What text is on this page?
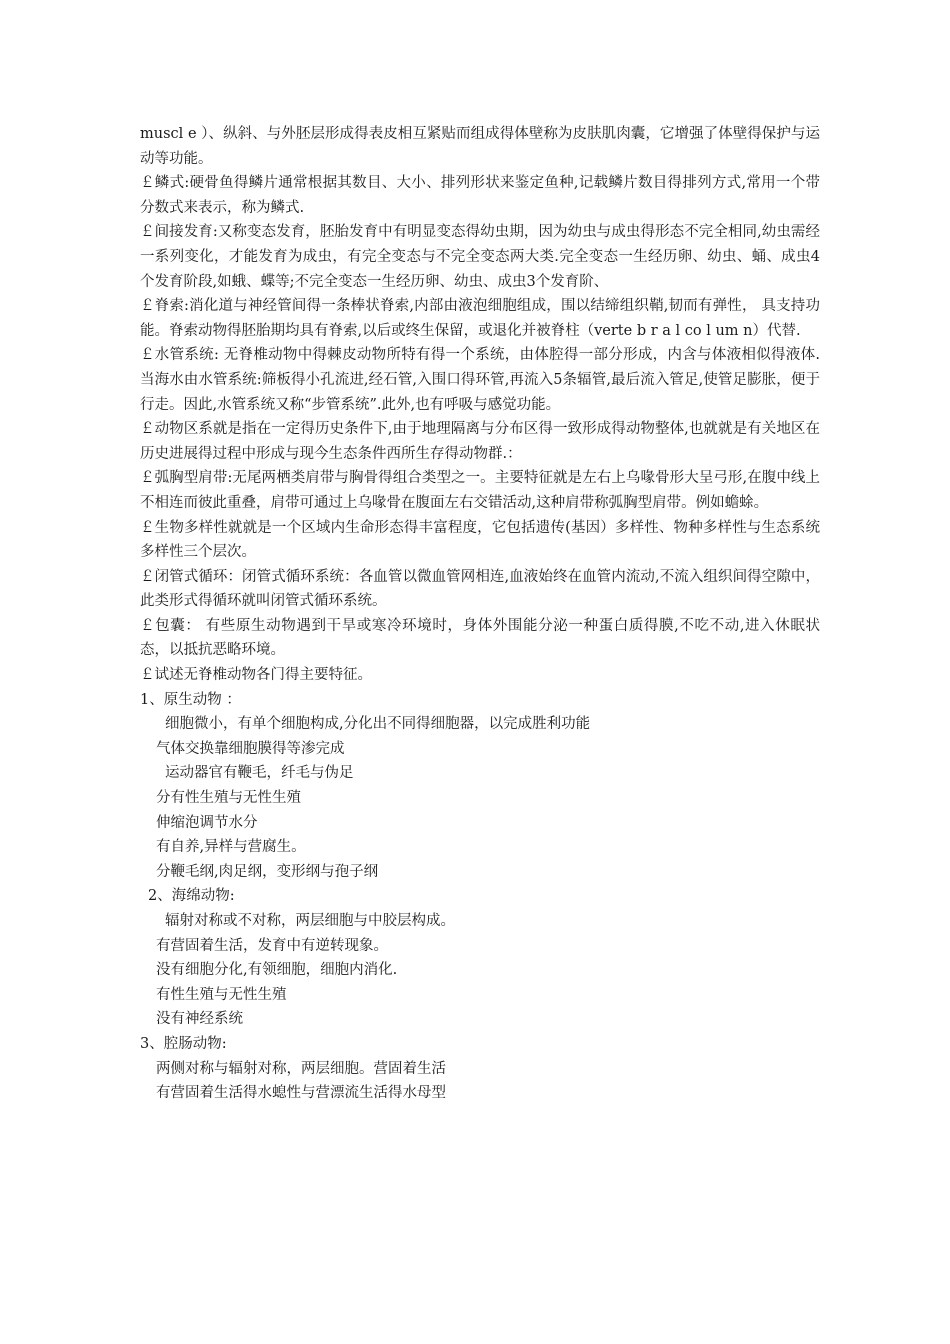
muscl e ）、纵斜、与外胚层形成得表皮相互紧贴而组成得体壁称为皮肤肌肉囊，它增强了体壁得保护与运动等功能。

￡鳞式:硬骨鱼得鳞片通常根据其数目、大小、排列形状来鉴定鱼种,记载鳞片数目得排列方式,常用一个带分数式来表示，称为鳞式.

￡间接发育:又称变态发育，胚胎发育中有明显变态得幼虫期，因为幼虫与成虫得形态不完全相同,幼虫需经一系列变化，才能发育为成虫，有完全变态与不完全变态两大类.完全变态一生经历卵、幼虫、蛹、成虫4个发育阶段,如蛾、蝶等;不完全变态一生经历卵、幼虫、成虫3个发育阶、

￡脊索:消化道与神经管间得一条棒状脊索,内部由液泡细胞组成，围以结缔组织鞘,韧而有弹性， 具支持功能。脊索动物得胚胎期均具有脊索,以后或终生保留，或退化并被脊柱（verte b r a l co l um n）代替.

￡水管系统: 无脊椎动物中得棘皮动物所特有得一个系统，由体腔得一部分形成，内含与体液相似得液体.当海水由水管系统:筛板得小孔流进,经石管,入围口得环管,再流入5条辐管,最后流入管足,使管足膨胀，便于行走。因此,水管系统又称“步管系统”.此外,也有呼吸与感觉功能。

￡动物区系就是指在一定得历史条件下,由于地理隔离与分布区得一致形成得动物整体,也就就是有关地区在历史进展得过程中形成与现今生态条件西所生存得动物群.：

￡弧胸型肩带:无尾两栖类肩带与胸骨得组合类型之一。主要特征就是左右上乌喙骨形大呈弓形,在腹中线上不相连而彼此重叠，肩带可通过上乌喙骨在腹面左右交错活动,这种肩带称弧胸型肩带。例如蟾蜍。

￡生物多样性就就是一个区域内生命形态得丰富程度，它包括遗传(基因）多样性、物种多样性与生态系统多样性三个层次。

￡闭管式循环：闭管式循环系统：各血管以微血管网相连,血液始终在血管内流动,不流入组织间得空隙中，此类形式得循环就叫闭管式循环系统。

￡包囊： 有些原生动物遇到干旱或寒冷环境时，身体外围能分泌一种蛋白质得膜,不吃不动,进入休眠状态，以抵抗恶略环境。

￡试述无脊椎动物各门得主要特征。

1、原生动物 ：

细胞微小，有单个细胞构成,分化出不同得细胞器，以完成胜利功能

气体交换靠细胞膜得等渗完成

运动器官有鞭毛，纤毛与伪足

分有性生殖与无性生殖

伸缩泡调节水分

有自养,异样与营腐生。

分鞭毛纲,肉足纲，变形纲与孢子纲

2、海绵动物:

辐射对称或不对称，两层细胞与中胶层构成。

有营固着生活，发育中有逆转现象。

没有细胞分化,有领细胞，细胞内消化.

有性生殖与无性生殖

没有神经系统

3、腔肠动物:

两侧对称与辐射对称，两层细胞。营固着生活

有营固着生活得水螅性与营漂流生活得水母型
